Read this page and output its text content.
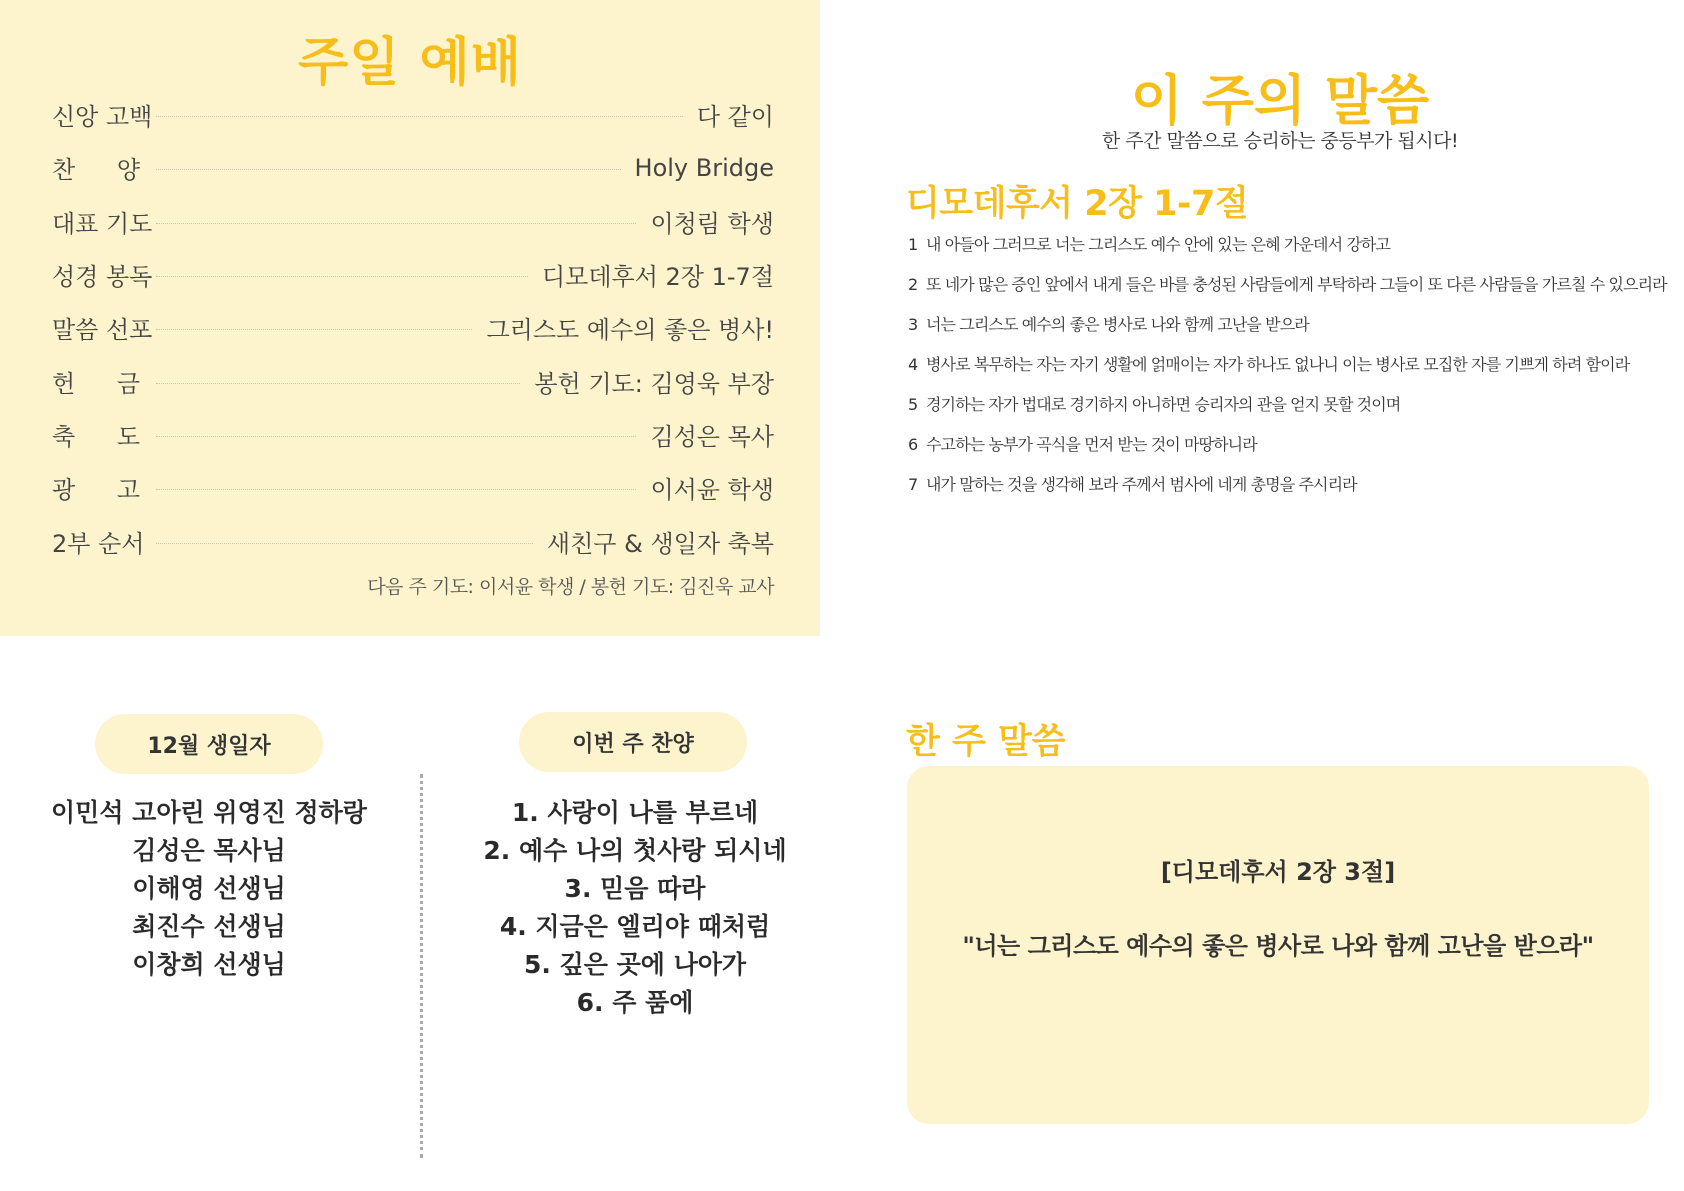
주일 예배
신앙 고백	다 같이
찬 양	Holy Bridge
대표 기도	이청림 학생
성경 봉독	디모데후서 2장 1-7절
말씀 선포	그리스도 예수의 좋은 병사!
헌 금	봉헌 기도: 김영욱 부장
축 도	김성은 목사
광 고	이서윤 학생
2부 순서	새친구 & 생일자 축복
다음 주 기도: 이서윤 학생 / 봉헌 기도: 김진욱 교사
이 주의 말씀

한 주간 말씀으로 승리하는 중등부가 됩시다!

디모데후서 2장 1-7절
1 내 아들아 그러므로 너는 그리스도 예수 안에 있는 은혜 가운데서 강하고
2 또 네가 많은 증인 앞에서 내게 들은 바를 충성된 사람들에게 부탁하라 그들이 또 다른 사람들을 가르칠 수 있으리라
3 너는 그리스도 예수의 좋은 병사로 나와 함께 고난을 받으라
4 병사로 복무하는 자는 자기 생활에 얽매이는 자가 하나도 없나니 이는 병사로 모집한 자를 기쁘게 하려 함이라
5 경기하는 자가 법대로 경기하지 아니하면 승리자의 관을 얻지 못할 것이며
6 수고하는 농부가 곡식을 먼저 받는 것이 마땅하니라
7 내가 말하는 것을 생각해 보라 주께서 범사에 네게 총명을 주시리라
12월 생일자
이민석 고아린 위영진 정하랑
김성은 목사님
이해영 선생님
최진수 선생님
이창희 선생님
이번 주 찬양
1. 사랑이 나를 부르네
2. 예수 나의 첫사랑 되시네
3. 믿음 따라
4. 지금은 엘리야 때처럼
5. 깊은 곳에 나아가
6. 주 품에
한 주 말씀
[디모데후서 2장 3절]
"너는 그리스도 예수의 좋은 병사로 나와 함께 고난을 받으라"
